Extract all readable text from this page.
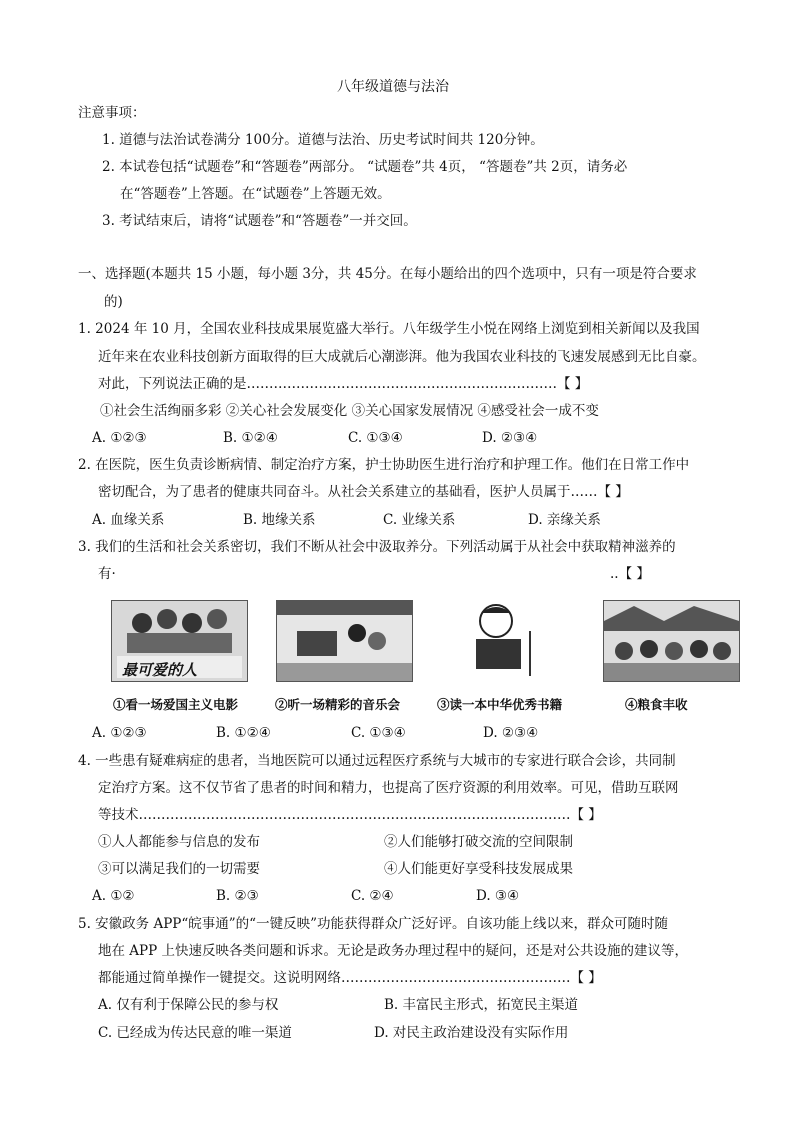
八年级道德与法治
注意事项：
1. 道德与法治试卷满分 100分。道德与法治、历史考试时间共 120分钟。
2. 本试卷包括“试题卷”和“答题卷”两部分。 “试题卷”共 4页， “答题卷”共 2页，请务必
在“答题卷”上答题。在“试题卷”上答题无效。
3. 考试结束后，请将“试题卷”和“答题卷”一并交回。
一、选择题(本题共 15 小题，每小题 3分，共 45分。在每小题给出的四个选项中，只有一项是符合要求
的)
1. 2024 年 10 月，全国农业科技成果展览盛大举行。八年级学生小悦在网络上浏览到相关新闻以及我国
近年来在农业科技创新方面取得的巨大成就后心潮澎湃。他为我国农业科技的飞速发展感到无比自豪。
对此，下列说法正确的是……………………………………………………………【 】
①社会生活绚丽多彩 ②关心社会发展变化 ③关心国家发展情况 ④感受社会一成不变
A. ①②③	B. ①②④	C. ①③④	D. ②③④
2. 在医院，医生负责诊断病情、制定治疗方案，护士协助医生进行治疗和护理工作。他们在日常工作中
密切配合，为了患者的健康共同奋斗。从社会关系建立的基础看，医护人员属于……【 】
A. 血缘关系	B. 地缘关系	C. 业缘关系	D. 亲缘关系
3. 我们的生活和社会关系密切，我们不断从社会中汲取养分。下列活动属于从社会中获取精神滋养的
有·	..【 】
最可爱的人
①看一场爱国主义电影	②听一场精彩的音乐会	③读一本中华优秀书籍	④粮食丰收
A. ①②③	B. ①②④	C. ①③④	D. ②③④
4. 一些患有疑难病症的患者，当地医院可以通过远程医疗系统与大城市的专家进行联合会诊，共同制
定治疗方案。这不仅节省了患者的时间和精力，也提高了医疗资源的利用效率。可见，借助互联网
等技术……………………………………………………………………………………【 】
①人人都能参与信息的发布	②人们能够打破交流的空间限制
③可以满足我们的一切需要	④人们能更好享受科技发展成果
A. ①②	B. ②③	C. ②④	D. ③④
5. 安徽政务 APP“皖事通”的“一键反映”功能获得群众广泛好评。自该功能上线以来，群众可随时随
地在 APP 上快速反映各类问题和诉求。无论是政务办理过程中的疑问，还是对公共设施的建议等，
都能通过简单操作一键提交。这说明网络……………………………………………【 】
A. 仅有利于保障公民的参与权	B. 丰富民主形式，拓宽民主渠道
C. 已经成为传达民意的唯一渠道	D. 对民主政治建设没有实际作用
